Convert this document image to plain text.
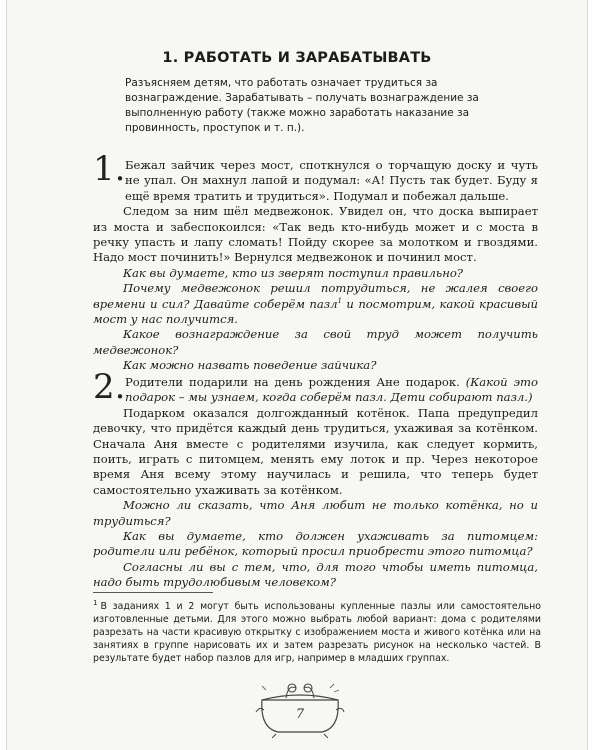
1. РАБОТАТЬ И ЗАРАБАТЫВАТЬ
Разъясняем детям, что работать означает трудиться за вознаграждение. Зарабатывать – получать вознаграждение за выполненную работу (также можно заработать наказание за провинность, проступок и т. п.).
1. Бежал зайчик через мост, споткнулся о торчащую доску и чуть не упал. Он махнул лапой и подумал: «А! Пусть так будет. Буду я ещё время тратить и трудиться». Подумал и побежал дальше.

Следом за ним шёл медвежонок. Увидел он, что доска выпирает из моста и забеспокоился: «Так ведь кто-нибудь может и с моста в речку упасть и лапу сломать! Пойду скорее за молотком и гвоздями. Надо мост починить!» Вернулся медвежонок и починил мост.

Как вы думаете, кто из зверят поступил правильно?

Почему медвежонок решил потрудиться, не жалея своего времени и сил? Давайте соберём пазл$^1$ и посмотрим, какой красивый мост у нас получится.

Какое вознаграждение за свой труд может получить медвежонок?

Как можно назвать поведение зайчика?

2. Родители подарили на день рождения Ане подарок. (Какой это подарок – мы узнаем, когда соберём пазл. Дети собирают пазл.)

Подарком оказался долгожданный котёнок. Папа предупредил девочку, что придётся каждый день трудиться, ухаживая за котёнком. Сначала Аня вместе с родителями изучила, как следует кормить, поить, играть с питомцем, менять ему лоток и пр. Через некоторое время Аня всему этому научилась и решила, что теперь будет самостоятельно ухаживать за котёнком.

Можно ли сказать, что Аня любит не только котёнка, но и трудиться?

Как вы думаете, кто должен ухаживать за питомцем: родители или ребёнок, который просил приобрести этого питомца?

Согласны ли вы с тем, что, для того чтобы иметь питомца, надо быть трудолюбивым человеком?

$^1$ В заданиях 1 и 2 могут быть использованы купленные пазлы или самостоятельно изготовленные детьми. Для этого можно выбрать любой вариант: дома с родителями разрезать на части красивую открытку с изображением моста и живого котёнка или на занятиях в группе нарисовать их и затем разрезать рисунок на несколько частей. В результате будет набор пазлов для игр, например в младших группах.
7
